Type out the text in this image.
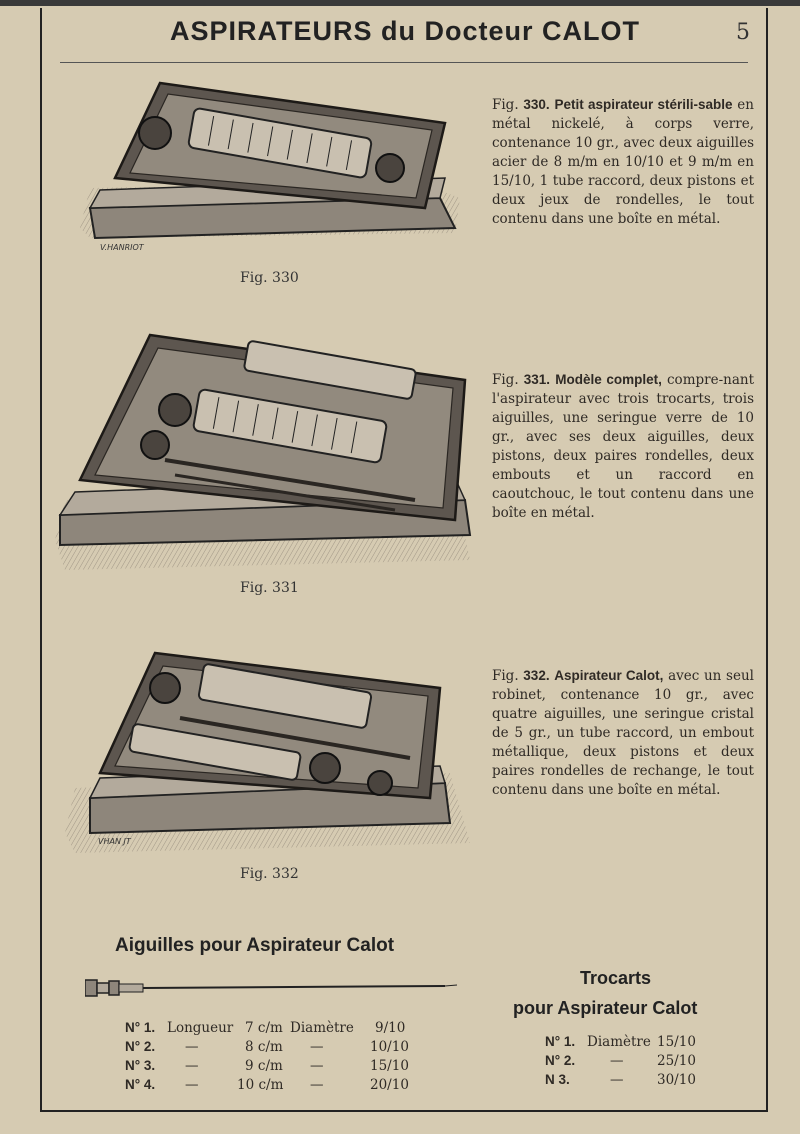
ASPIRATEURS du Docteur CALOT	5
V.HANRIOT
Fig. 330
Fig. 330. Petit aspirateur stérili-sable en métal nickelé, à corps verre, contenance 10 gr., avec deux aiguilles acier de 8 m/m en 10/10 et 9 m/m en 15/10, 1 tube raccord, deux pistons et deux jeux de rondelles, le tout contenu dans une boîte en métal.
Fig. 331
Fig. 331. Modèle complet, compre-nant l'aspirateur avec trois trocarts, trois aiguilles, une seringue verre de 10 gr., avec ses deux aiguilles, deux pistons, deux paires rondelles, deux embouts et un raccord en caoutchouc, le tout contenu dans une boîte en métal.
VHAN JT
Fig. 332
Fig. 332. Aspirateur Calot, avec un seul robinet, contenance 10 gr., avec quatre aiguilles, une seringue cristal de 5 gr., un tube raccord, un embout métallique, deux pistons et deux paires rondelles de rechange, le tout contenu dans une boîte en métal.
Aiguilles pour Aspirateur Calot
N° 1. Longueur 7 c/m Diamètre 9/10
N° 2. —	8 c/m —	10/10
N° 3. —	9 c/m —	15/10
N° 4. —	10 c/m —	20/10
Trocarts
pour Aspirateur Calot
N° 1. Diamètre 15/10
N° 2.	— 25/10
N 3.	— 30/10
